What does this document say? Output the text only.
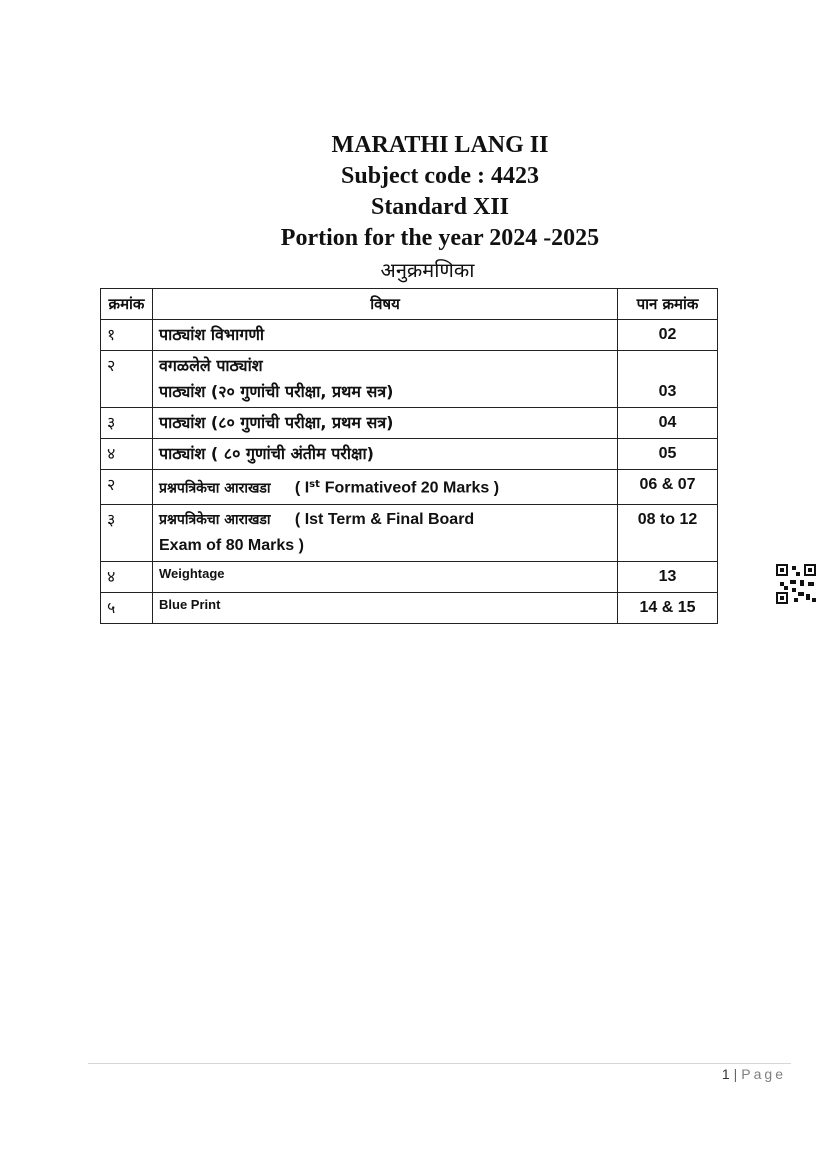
MARATHI LANG II
Subject code : 4423
Standard XII
Portion for the year 2024 -2025
अनुक्रमणिका
क्रमांक	विषय	पान क्रमांक
१	पाठ्यांश विभागणी	02
२	वगळलेले पाठ्यांश
पाठ्यांश (२० गुणांची परीक्षा, प्रथम सत्र)	03
३	पाठ्यांश (८० गुणांची परीक्षा, प्रथम सत्र)	04
४	पाठ्यांश ( ८० गुणांची अंतीम परीक्षा)	05
२	प्रश्नपत्रिकेचा आराखडा ( Ist Formativeof 20 Marks )	06 & 07
३	प्रश्नपत्रिकेचा आराखडा ( Ist Term & Final Board
Exam of 80 Marks )	08 to 12
४	Weightage	13
५	Blue Print	14 & 15
1 | Page
